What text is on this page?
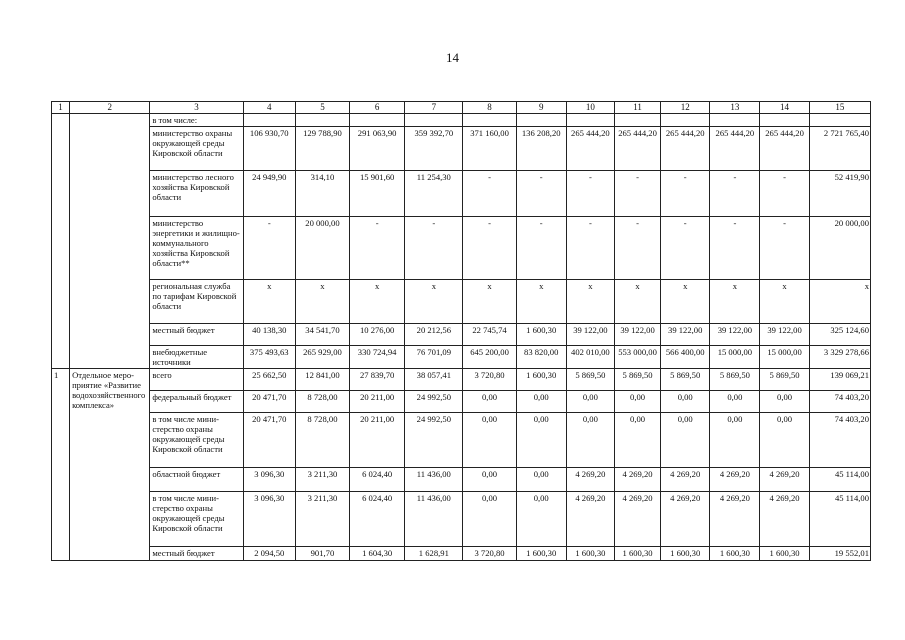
14
1	2	3	4	5	6	7	8	9	10	11	12	13	14	15
		в том числе:												
		министерство охраны окружающей среды Кировской области	106 930,70	129 788,90	291 063,90	359 392,70	371 160,00	136 208,20	265 444,20	265 444,20	265 444,20	265 444,20	265 444,20	2 721 765,40
		министерство лесного хозяйства Кировской области	24 949,90	314,10	15 901,60	11 254,30	-	-	-	-	-	-	-	52 419,90
		министерство энергетики и жилищно-коммунального хозяйства Кировской области**	-	20 000,00	-	-	-	-	-	-	-	-	-	20 000,00
		региональная служба по тарифам Кировской области	x	x	x	x	x	x	x	x	x	x	x	x
		местный бюджет	40 138,30	34 541,70	10 276,00	20 212,56	22 745,74	1 600,30	39 122,00	39 122,00	39 122,00	39 122,00	39 122,00	325 124,60
		внебюджетные источники	375 493,63	265 929,00	330 724,94	76 701,09	645 200,00	83 820,00	402 010,00	553 000,00	566 400,00	15 000,00	15 000,00	3 329 278,66
1	Отдельное мероприятие «Развитие водохозяйственного комплекса»	всего	25 662,50	12 841,00	27 839,70	38 057,41	3 720,80	1 600,30	5 869,50	5 869,50	5 869,50	5 869,50	5 869,50	139 069,21
		федеральный бюджет	20 471,70	8 728,00	20 211,00	24 992,50	0,00	0,00	0,00	0,00	0,00	0,00	0,00	74 403,20
		в том числе министерство охраны окружающей среды Кировской области	20 471,70	8 728,00	20 211,00	24 992,50	0,00	0,00	0,00	0,00	0,00	0,00	0,00	74 403,20
		областной бюджет	3 096,30	3 211,30	6 024,40	11 436,00	0,00	0,00	4 269,20	4 269,20	4 269,20	4 269,20	4 269,20	45 114,00
		в том числе министерство охраны окружающей среды Кировской области	3 096,30	3 211,30	6 024,40	11 436,00	0,00	0,00	4 269,20	4 269,20	4 269,20	4 269,20	4 269,20	45 114,00
		местный бюджет	2 094,50	901,70	1 604,30	1 628,91	3 720,80	1 600,30	1 600,30	1 600,30	1 600,30	1 600,30	1 600,30	19 552,01
